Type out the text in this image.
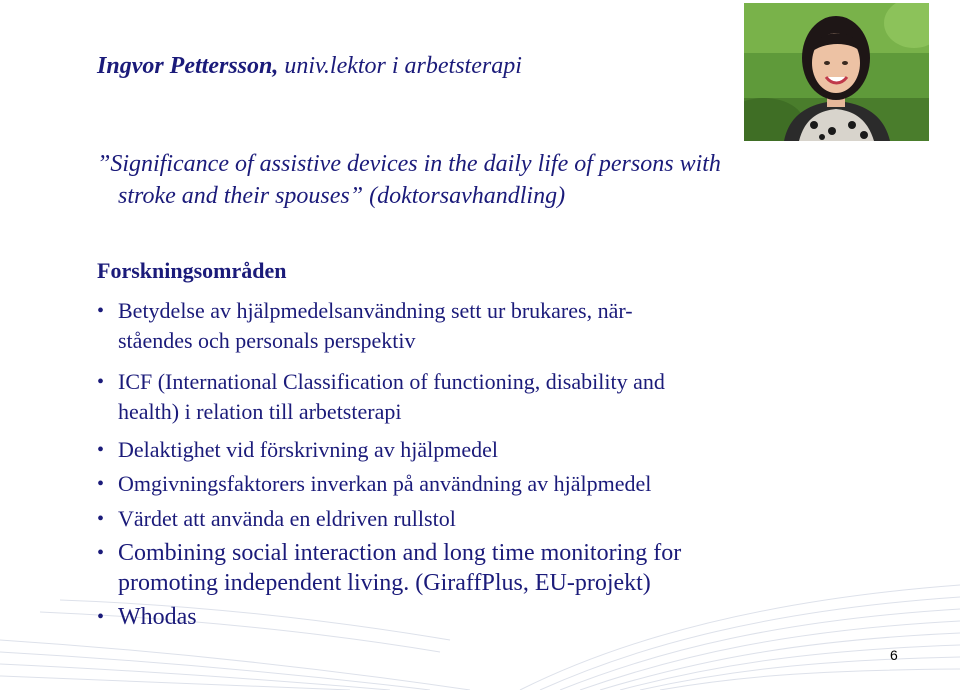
Ingvor Pettersson, univ.lektor i arbetsterapi
”Significance of assistive devices in the daily life of persons with
stroke and their spouses” (doktorsavhandling)
Forskningsområden
• Betydelse av hjälpmedelsanvändning sett ur brukares, när-
ståendes och personals perspektiv
• ICF (International Classification of functioning, disability and
health) i relation till arbetsterapi
• Delaktighet vid förskrivning av hjälpmedel
• Omgivningsfaktorers inverkan på användning av hjälpmedel
• Värdet att använda en eldriven rullstol
• Combining social interaction and long time monitoring for
promoting independent living. (GiraffPlus, EU-projekt)
• Whodas
6
